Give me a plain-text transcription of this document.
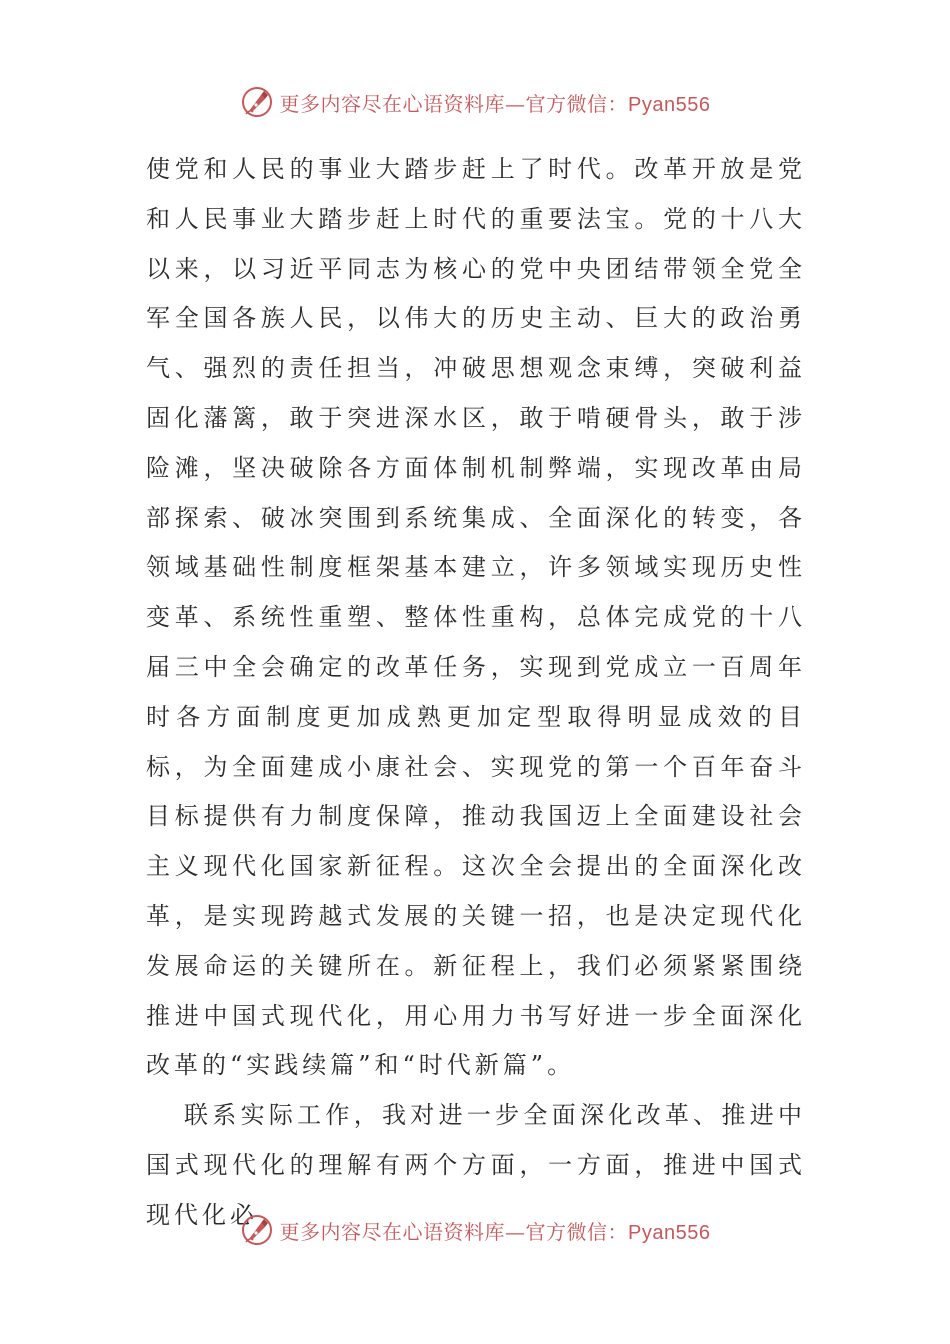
更多内容尽在心语资料库—官方微信：Pyan556

使党和人民的事业大踏步赶上了时代。改革开放是党和人民事业大踏步赶上时代的重要法宝。党的十八大以来，以习近平同志为核心的党中央团结带领全党全军全国各族人民，以伟大的历史主动、巨大的政治勇气、强烈的责任担当，冲破思想观念束缚，突破利益固化藩篱，敢于突进深水区，敢于啃硬骨头，敢于涉险滩，坚决破除各方面体制机制弊端，实现改革由局部探索、破冰突围到系统集成、全面深化的转变，各领域基础性制度框架基本建立，许多领域实现历史性变革、系统性重塑、整体性重构，总体完成党的十八届三中全会确定的改革任务，实现到党成立一百周年时各方面制度更加成熟更加定型取得明显成效的目标，为全面建成小康社会、实现党的第一个百年奋斗目标提供有力制度保障，推动我国迈上全面建设社会主义现代化国家新征程。这次全会提出的全面深化改革，是实现跨越式发展的关键一招，也是决定现代化发展命运的关键所在。新征程上，我们必须紧紧围绕推进中国式现代化，用心用力书写好进一步全面深化改革的“实践续篇”和“时代新篇”。

联系实际工作，我对进一步全面深化改革、推进中国式现代化的理解有两个方面，一方面，推进中国式现代化必

更多内容尽在心语资料库—官方微信：Pyan556
